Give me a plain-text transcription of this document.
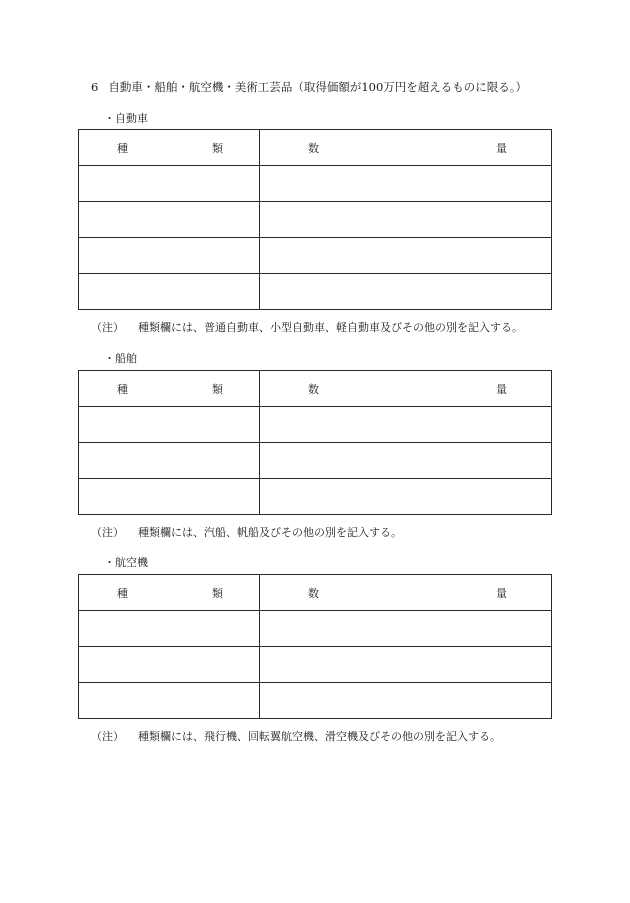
6 自動車・船舶・航空機・美術工芸品（取得価額が100万円を超えるものに限る。）
・自動車
種 類	数 量

（注） 種類欄には、普通自動車、小型自動車、軽自動車及びその他の別を記入する。
・船舶
種 類	数 量

（注） 種類欄には、汽船、帆船及びその他の別を記入する。
・航空機
種 類	数 量

（注） 種類欄には、飛行機、回転翼航空機、滑空機及びその他の別を記入する。
